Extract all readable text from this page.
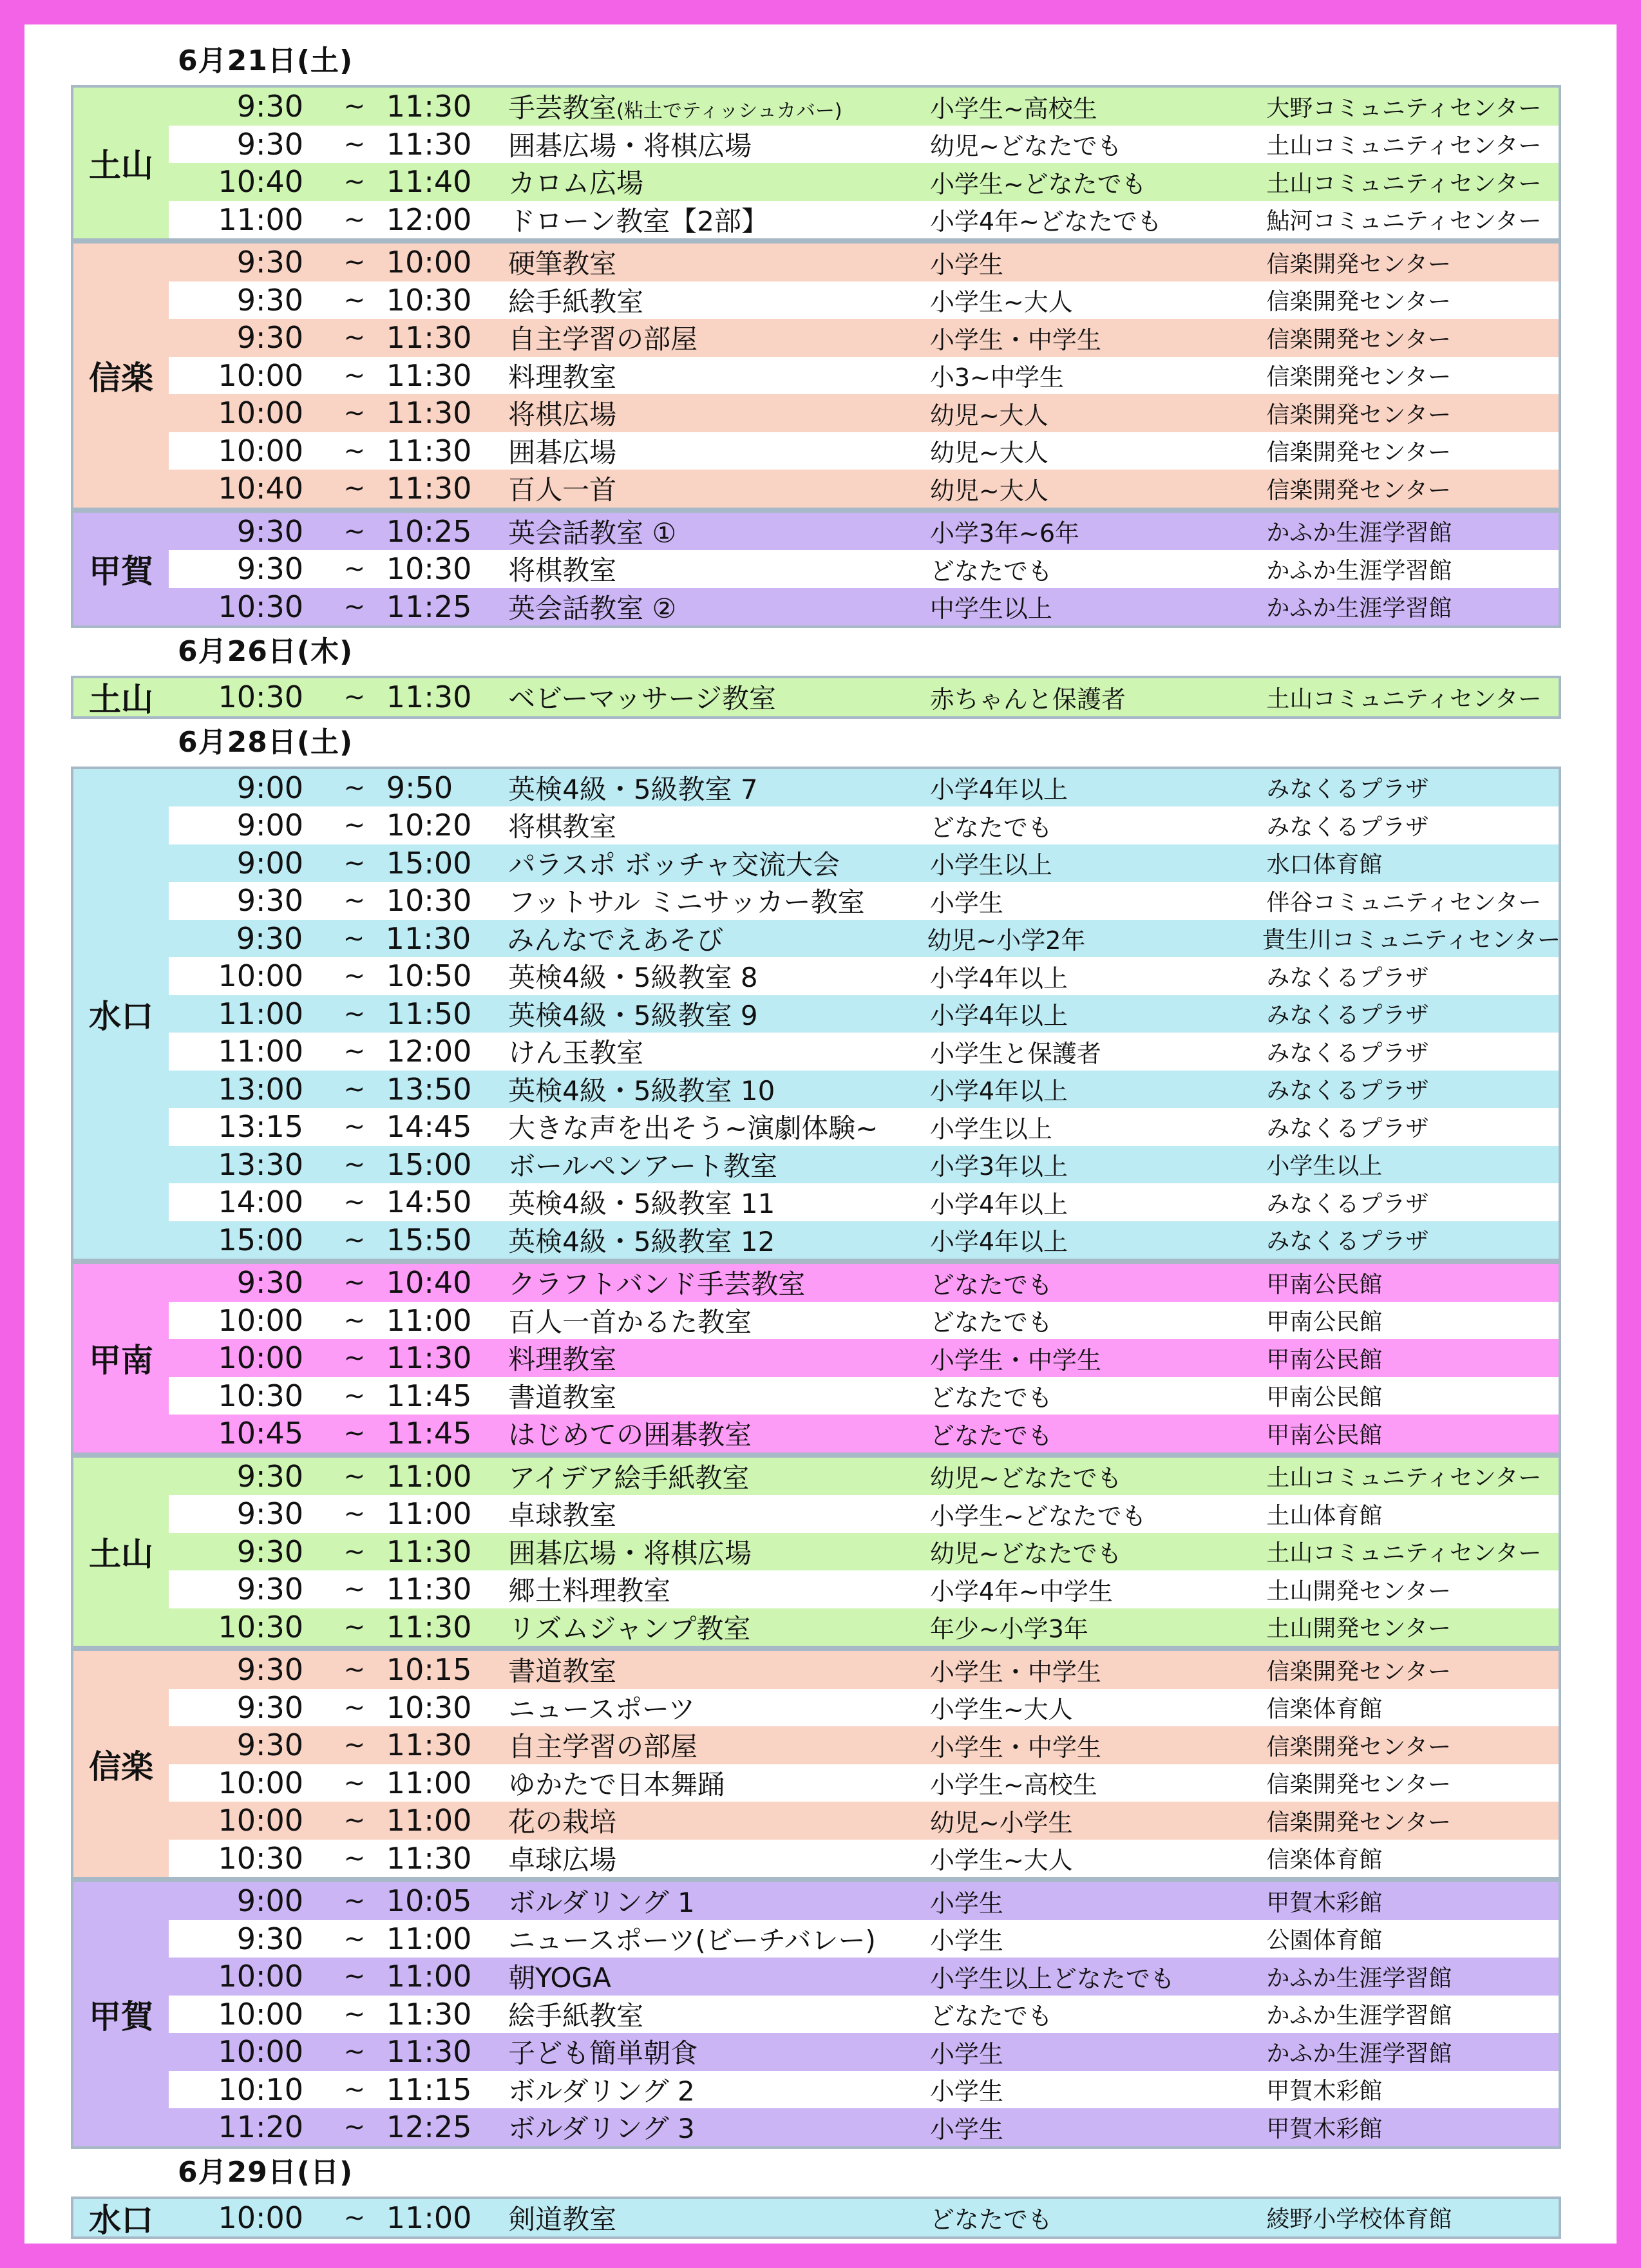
6月21日(土)
土山
9:30	~ 11:30	手芸教室(粘土でティッシュカバー)	小学生~高校生	大野コミュニティセンター
9:30	~ 11:30	囲碁広場・将棋広場	幼児~どなたでも	土山コミュニティセンター
10:40	~ 11:40	カロム広場	小学生~どなたでも	土山コミュニティセンター
11:00	~ 12:00	ドローン教室【2部】	小学4年~どなたでも	鮎河コミュニティセンター
信楽
9:30	~ 10:00	硬筆教室	小学生	信楽開発センター
9:30	~ 10:30	絵手紙教室	小学生~大人	信楽開発センター
9:30	~ 11:30	自主学習の部屋	小学生・中学生	信楽開発センター
10:00	~ 11:30	料理教室	小3~中学生	信楽開発センター
10:00	~ 11:30	将棋広場	幼児~大人	信楽開発センター
10:00	~ 11:30	囲碁広場	幼児~大人	信楽開発センター
10:40	~ 11:30	百人一首	幼児~大人	信楽開発センター
甲賀
9:30	~ 10:25	英会話教室 ①	小学3年~6年	かふか生涯学習館
9:30	~ 10:30	将棋教室	どなたでも	かふか生涯学習館
10:30	~ 11:25	英会話教室 ②	中学生以上	かふか生涯学習館
6月26日(木)
土山	10:30	~ 11:30	ベビーマッサージ教室	赤ちゃんと保護者	土山コミュニティセンター
6月28日(土)
水口
9:00	~ 9:50	英検4級・5級教室 7	小学4年以上	みなくるプラザ
9:00	~ 10:20	将棋教室	どなたでも	みなくるプラザ
9:00	~ 15:00	パラスポ ボッチャ交流大会	小学生以上	水口体育館
9:30	~ 10:30	フットサル ミニサッカー教室	小学生	伴谷コミュニティセンター
9:30	~ 11:30	みんなでえあそび	幼児~小学2年	貴生川コミュニティセンター
10:00	~ 10:50	英検4級・5級教室 8	小学4年以上	みなくるプラザ
11:00	~ 11:50	英検4級・5級教室 9	小学4年以上	みなくるプラザ
11:00	~ 12:00	けん玉教室	小学生と保護者	みなくるプラザ
13:00	~ 13:50	英検4級・5級教室 10	小学4年以上	みなくるプラザ
13:15	~ 14:45	大きな声を出そう~演劇体験~	小学生以上	みなくるプラザ
13:30	~ 15:00	ボールペンアート教室	小学3年以上	小学生以上
14:00	~ 14:50	英検4級・5級教室 11	小学4年以上	みなくるプラザ
15:00	~ 15:50	英検4級・5級教室 12	小学4年以上	みなくるプラザ
甲南
9:30	~ 10:40	クラフトバンド手芸教室	どなたでも	甲南公民館
10:00	~ 11:00	百人一首かるた教室	どなたでも	甲南公民館
10:00	~ 11:30	料理教室	小学生・中学生	甲南公民館
10:30	~ 11:45	書道教室	どなたでも	甲南公民館
10:45	~ 11:45	はじめての囲碁教室	どなたでも	甲南公民館
土山
9:30	~ 11:00	アイデア絵手紙教室	幼児~どなたでも	土山コミュニティセンター
9:30	~ 11:00	卓球教室	小学生~どなたでも	土山体育館
9:30	~ 11:30	囲碁広場・将棋広場	幼児~どなたでも	土山コミュニティセンター
9:30	~ 11:30	郷土料理教室	小学4年~中学生	土山開発センター
10:30	~ 11:30	リズムジャンプ教室	年少~小学3年	土山開発センター
信楽
9:30	~ 10:15	書道教室	小学生・中学生	信楽開発センター
9:30	~ 10:30	ニュースポーツ	小学生~大人	信楽体育館
9:30	~ 11:30	自主学習の部屋	小学生・中学生	信楽開発センター
10:00	~ 11:00	ゆかたで日本舞踊	小学生~高校生	信楽開発センター
10:00	~ 11:00	花の栽培	幼児~小学生	信楽開発センター
10:30	~ 11:30	卓球広場	小学生~大人	信楽体育館
甲賀
9:00	~ 10:05	ボルダリング 1	小学生	甲賀木彩館
9:30	~ 11:00	ニュースポーツ(ビーチバレー)	小学生	公園体育館
10:00	~ 11:00	朝YOGA	小学生以上どなたでも	かふか生涯学習館
10:00	~ 11:30	絵手紙教室	どなたでも	かふか生涯学習館
10:00	~ 11:30	子ども簡単朝食	小学生	かふか生涯学習館
10:10	~ 11:15	ボルダリング 2	小学生	甲賀木彩館
11:20	~ 12:25	ボルダリング 3	小学生	甲賀木彩館
6月29日(日)
水口	10:00	~ 11:00	剣道教室	どなたでも	綾野小学校体育館
